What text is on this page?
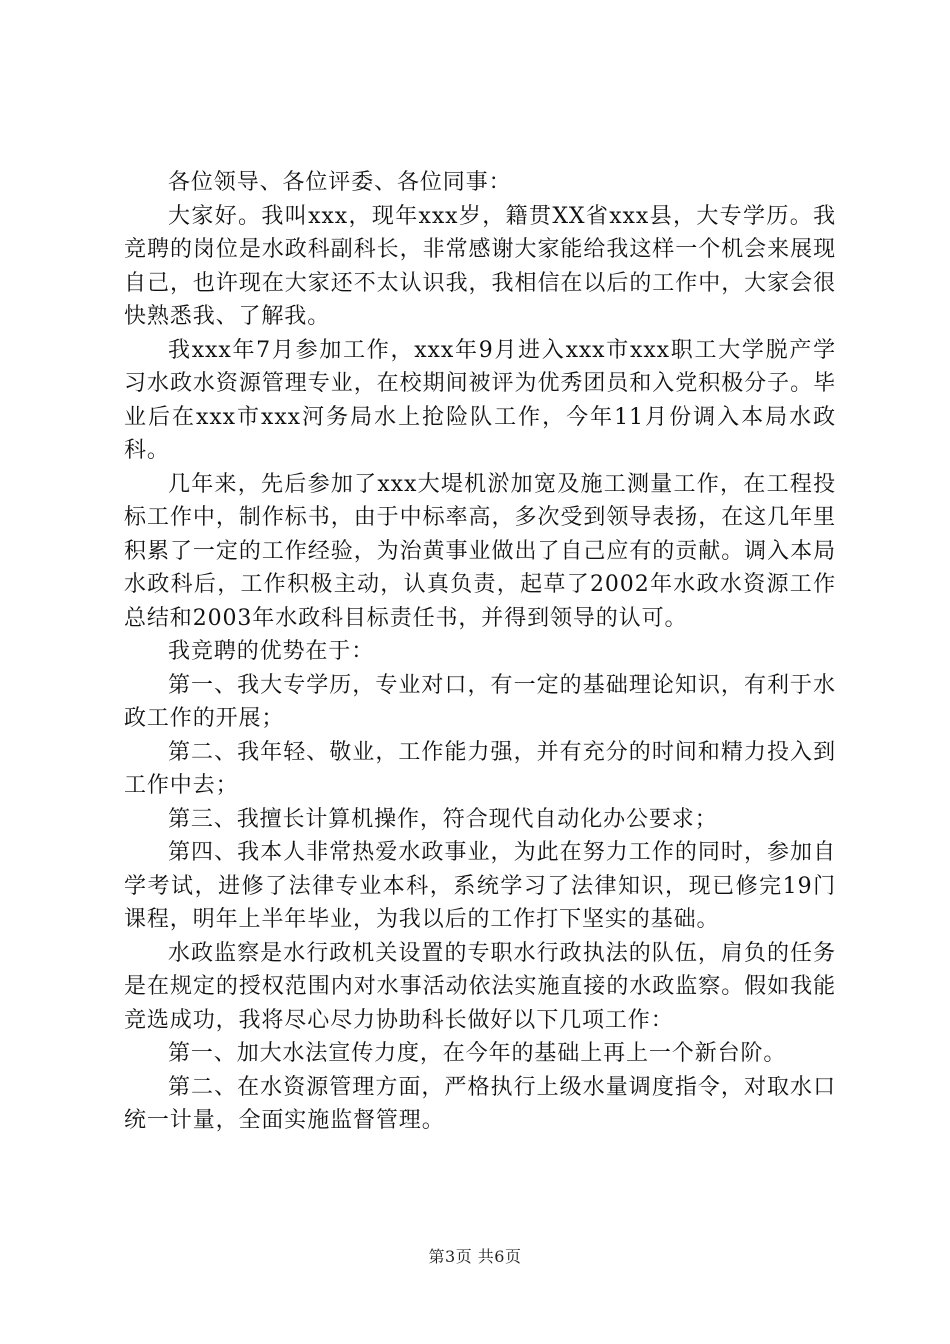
各位领导、各位评委、各位同事：

大家好。我叫xxx，现年xxx岁，籍贯XX省xxx县，大专学历。我竞聘的岗位是水政科副科长，非常感谢大家能给我这样一个机会来展现自己，也许现在大家还不太认识我，我相信在以后的工作中，大家会很快熟悉我、了解我。

我xxx年7月参加工作，xxx年9月进入xxx市xxx职工大学脱产学习水政水资源管理专业，在校期间被评为优秀团员和入党积极分子。毕业后在xxx市xxx河务局水上抢险队工作，今年11月份调入本局水政科。

几年来，先后参加了xxx大堤机淤加宽及施工测量工作，在工程投标工作中，制作标书，由于中标率高，多次受到领导表扬，在这几年里积累了一定的工作经验，为治黄事业做出了自己应有的贡献。调入本局水政科后，工作积极主动，认真负责，起草了2002年水政水资源工作总结和2003年水政科目标责任书，并得到领导的认可。

我竞聘的优势在于：

第一、我大专学历，专业对口，有一定的基础理论知识，有利于水政工作的开展；

第二、我年轻、敬业，工作能力强，并有充分的时间和精力投入到工作中去；

第三、我擅长计算机操作，符合现代自动化办公要求；

第四、我本人非常热爱水政事业，为此在努力工作的同时，参加自学考试，进修了法律专业本科，系统学习了法律知识，现已修完19门课程，明年上半年毕业，为我以后的工作打下坚实的基础。

水政监察是水行政机关设置的专职水行政执法的队伍，肩负的任务是在规定的授权范围内对水事活动依法实施直接的水政监察。假如我能竞选成功，我将尽心尽力协助科长做好以下几项工作：

第一、加大水法宣传力度，在今年的基础上再上一个新台阶。

第二、在水资源管理方面，严格执行上级水量调度指令，对取水口统一计量，全面实施监督管理。

第3页 共6页
